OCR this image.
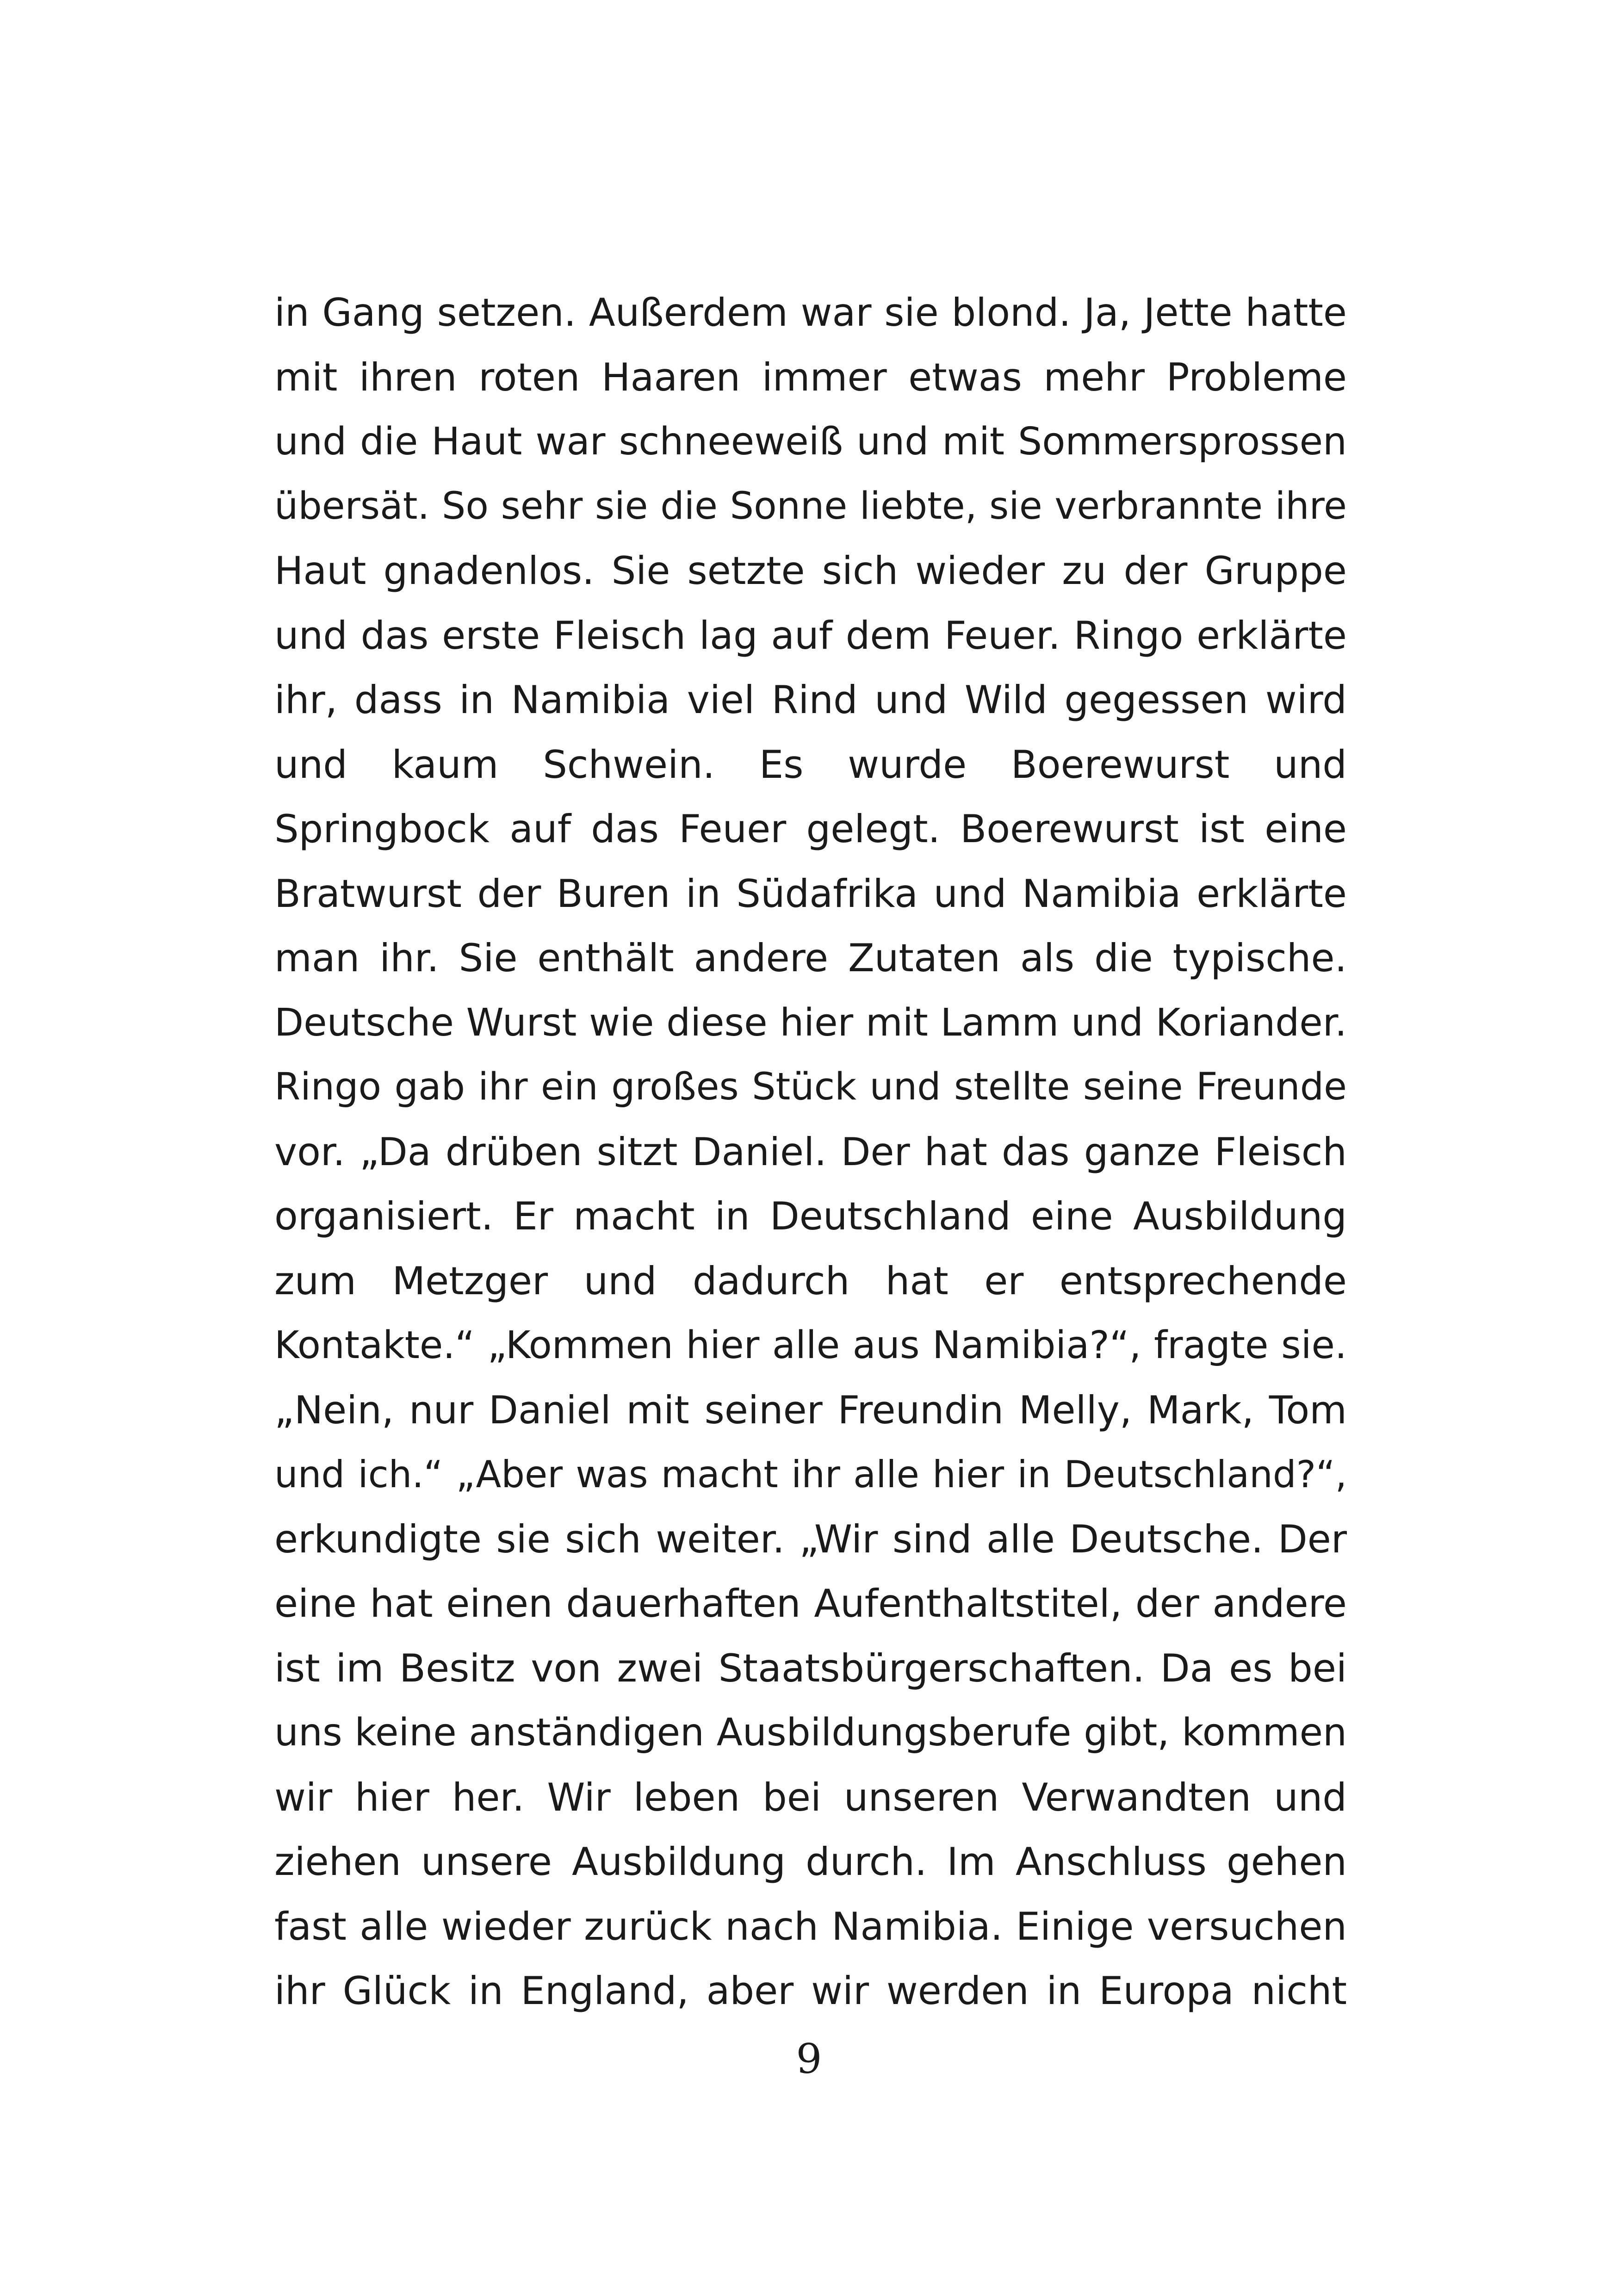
in Gang setzen. Außerdem war sie blond. Ja, Jette hatte
mit ihren roten Haaren immer etwas mehr Probleme
und die Haut war schneeweiß und mit Sommersprossen
übersät. So sehr sie die Sonne liebte, sie verbrannte ihre
Haut gnadenlos. Sie setzte sich wieder zu der Gruppe
und das erste Fleisch lag auf dem Feuer. Ringo erklärte
ihr, dass in Namibia viel Rind und Wild gegessen wird
und kaum Schwein. Es wurde Boerewurst und
Springbock auf das Feuer gelegt. Boerewurst ist eine
Bratwurst der Buren in Südafrika und Namibia erklärte
man ihr. Sie enthält andere Zutaten als die typische.
Deutsche Wurst wie diese hier mit Lamm und Koriander.
Ringo gab ihr ein großes Stück und stellte seine Freunde
vor. „Da drüben sitzt Daniel. Der hat das ganze Fleisch
organisiert. Er macht in Deutschland eine Ausbildung
zum Metzger und dadurch hat er entsprechende
Kontakte.“ „Kommen hier alle aus Namibia?“, fragte sie.
„Nein, nur Daniel mit seiner Freundin Melly, Mark, Tom
und ich.“ „Aber was macht ihr alle hier in Deutschland?“,
erkundigte sie sich weiter. „Wir sind alle Deutsche. Der
eine hat einen dauerhaften Aufenthaltstitel, der andere
ist im Besitz von zwei Staatsbürgerschaften. Da es bei
uns keine anständigen Ausbildungsberufe gibt, kommen
wir hier her. Wir leben bei unseren Verwandten und
ziehen unsere Ausbildung durch. Im Anschluss gehen
fast alle wieder zurück nach Namibia. Einige versuchen
ihr Glück in England, aber wir werden in Europa nicht
9
